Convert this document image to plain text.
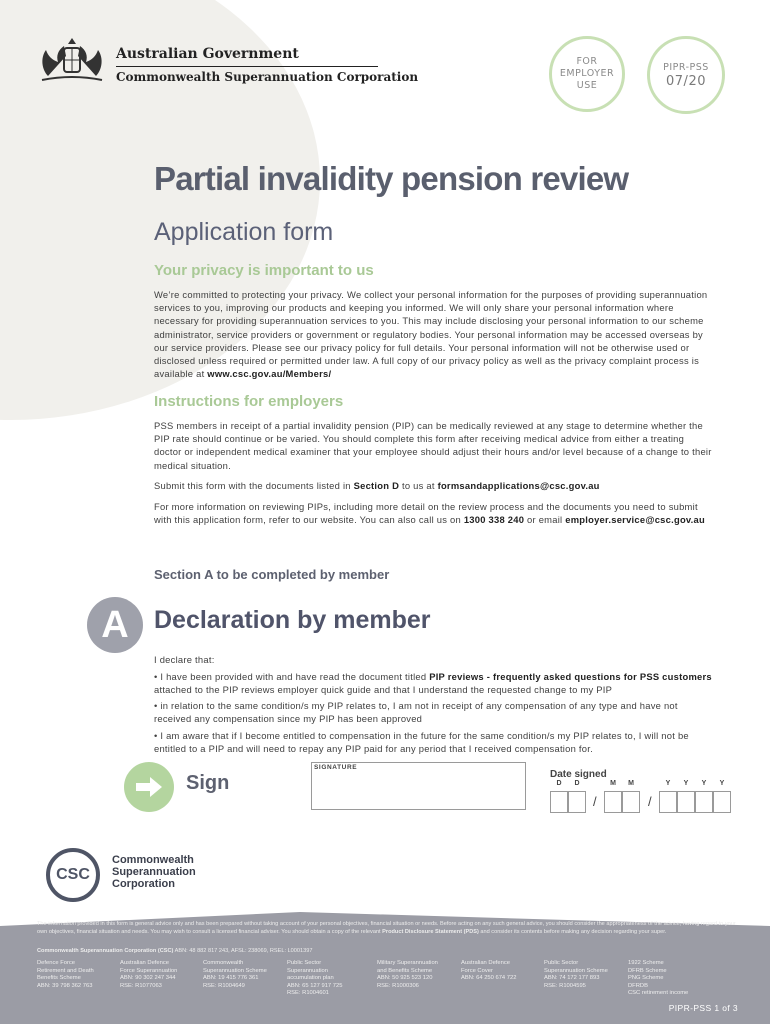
Australian Government
Commonwealth Superannuation Corporation
FOR
EMPLOYER
USE
PIPR-PSS
07/20
Partial invalidity pension review
Application form
Your privacy is important to us
We’re committed to protecting your privacy. We collect your personal information for the purposes of providing superannuation services to you, improving our products and keeping you informed. We will only share your personal information where necessary for providing superannuation services to you. This may include disclosing your personal information to our scheme administrator, service providers or government or regulatory bodies. Your personal information may be accessed overseas by our service providers. Please see our privacy policy for full details. Your personal information will not be otherwise used or disclosed unless required or permitted under law. A full copy of our privacy policy as well as the privacy complaint process is available at www.csc.gov.au/Members/
Instructions for employers
PSS members in receipt of a partial invalidity pension (PIP) can be medically reviewed at any stage to determine whether the PIP rate should continue or be varied. You should complete this form after receiving medical advice from either a treating doctor or independent medical examiner that your employee should adjust their hours and/or level because of a change to their medical situation.
Submit this form with the documents listed in Section D to us at formsandapplications@csc.gov.au
For more information on reviewing PIPs, including more detail on the review process and the documents you need to submit with this application form, refer to our website. You can also call us on 1300 338 240 or email employer.service@csc.gov.au
Section A to be completed by member
A	Declaration by member
I declare that:
• I have been provided with and have read the document titled PIP reviews - frequently asked questions for PSS customers attached to the PIP reviews employer quick guide and that I understand the requested change to my PIP
• in relation to the same condition/s my PIP relates to, I am not in receipt of any compensation of any type and have not received any compensation since my PIP has been approved
• I am aware that if I become entitled to compensation in the future for the same condition/s my PIP relates to, I will not be entitled to a PIP and will need to repay any PIP paid for any period that I received compensation for.
Sign
SIGNATURE
Date signed
D	D	M	M	Y	Y	Y	Y
/	/
CSC
Commonwealth
Superannuation
Corporation
The information provided in this form is general advice only and has been prepared without taking account of your personal objectives, financial situation or needs. Before acting on any such general advice, you should consider the appropriateness of the advice, having regard to your own objectives, financial situation and needs. You may wish to consult a licensed financial adviser. You should obtain a copy of the relevant Product Disclosure Statement (PDS) and consider its contents before making any decision regarding your super.
Commonwealth Superannuation Corporation (CSC) ABN: 48 882 817 243, AFSL: 238069, RSEL: L0001397
Defence Force
Retirement and Death
Benefits Scheme
ABN: 39 798 362 763
Australian Defence
Force Superannuation
ABN: 90 302 247 344
RSE: R1077063
Commonwealth
Superannuation Scheme
ABN: 19 415 776 361
RSE: R1004649
Public Sector
Superannuation
accumulation plan
ABN: 65 127 917 725
RSE: R1004601
Military Superannuation
and Benefits Scheme
ABN: 50 925 523 120
RSE: R1000306
Australian Defence
Force Cover
ABN: 64 250 674 722
Public Sector
Superannuation Scheme
ABN: 74 172 177 893
RSE: R1004595
1922 Scheme
DFRB Scheme
PNG Scheme
DFRDB
CSC retirement income
PIPR-PSS 1 of 3
